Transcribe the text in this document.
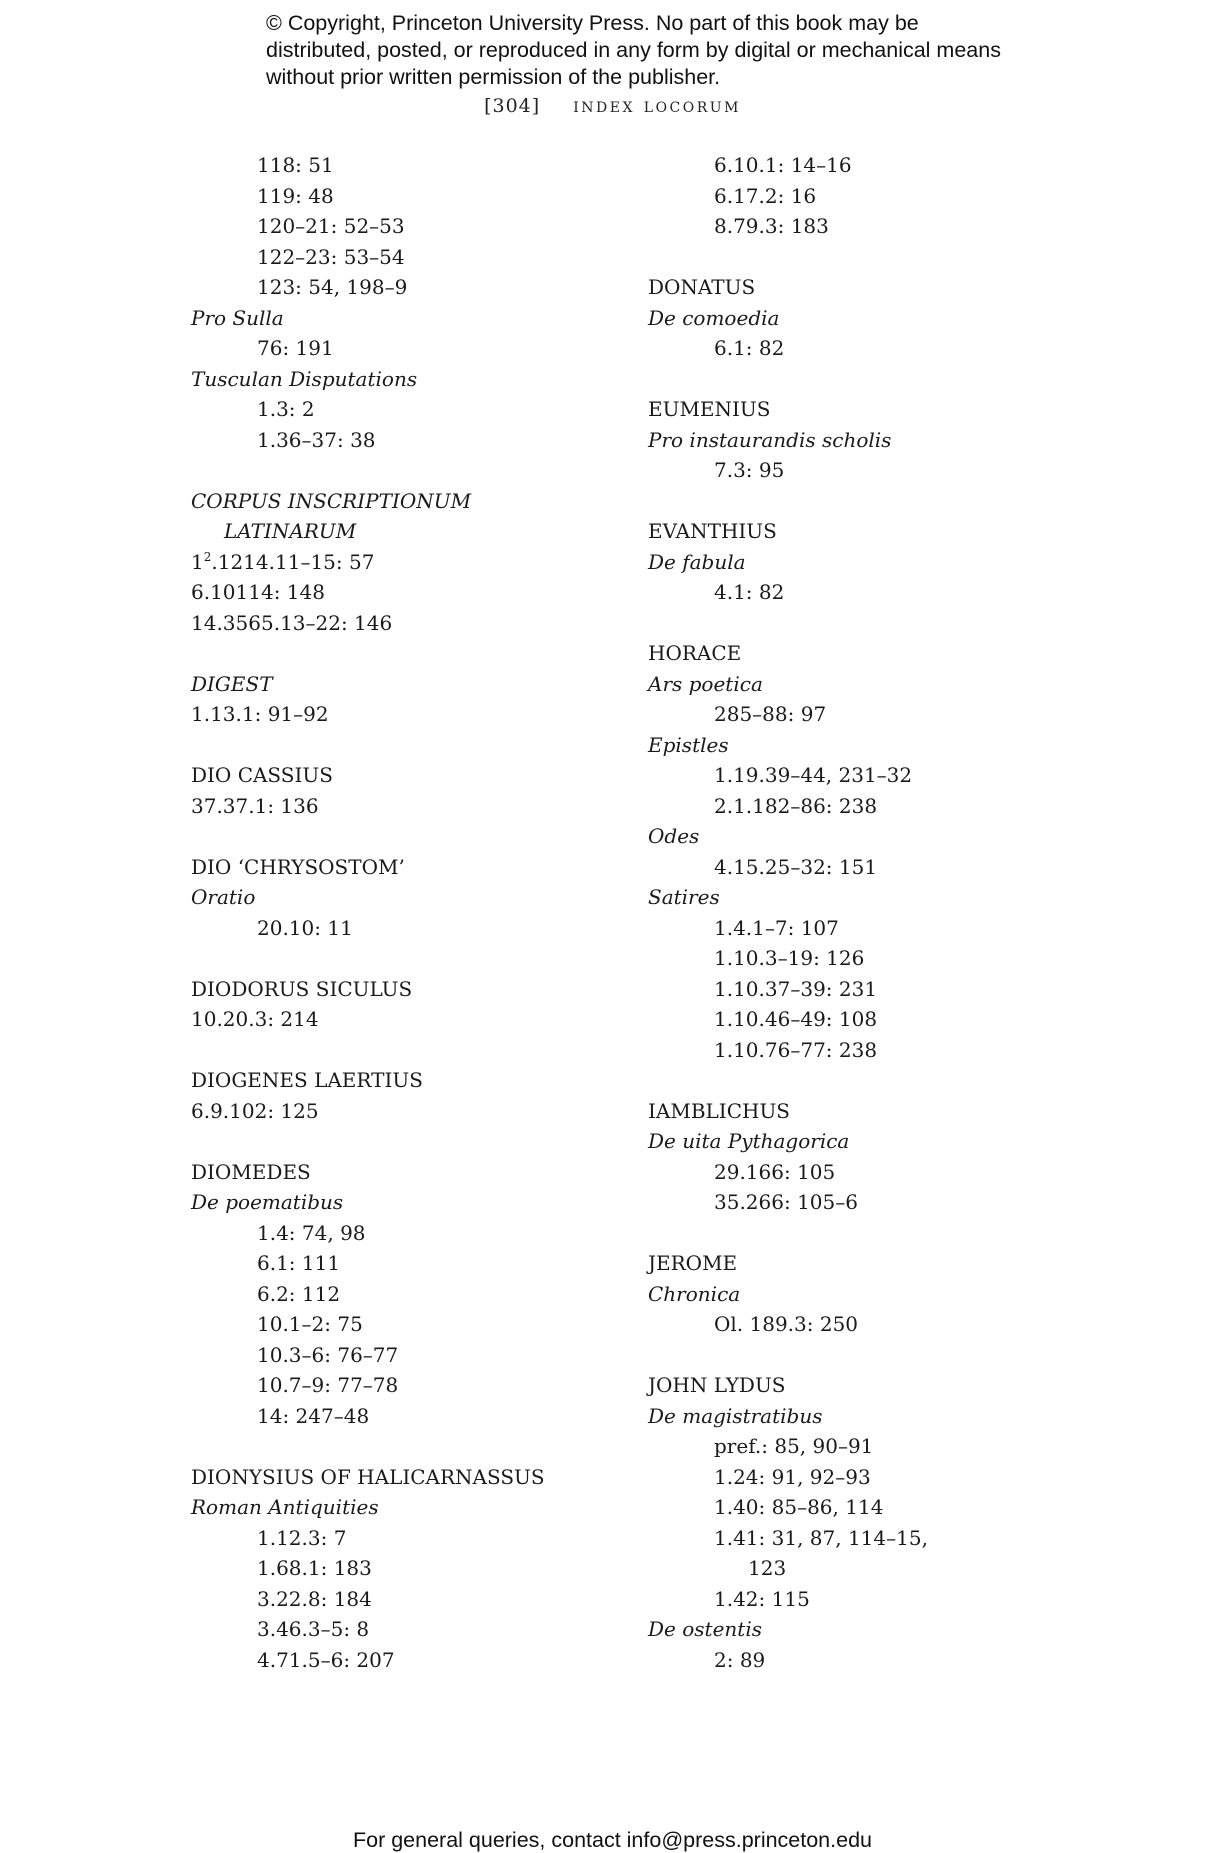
© Copyright, Princeton University Press. No part of this book may be distributed, posted, or reproduced in any form by digital or mechanical means without prior written permission of the publisher.
[304] index locorum
118: 51
119: 48
120–21: 52–53
122–23: 53–54
123: 54, 198–9
Pro Sulla
76: 191
Tusculan Disputations
1.3: 2
1.36–37: 38
CORPUS INSCRIPTIONUM
LATINARUM
$1^2.1214.11-15$: 57
6.10114: 148
14.3565.13–22: 146
DIGEST
1.13.1: 91–92
DIO CASSIUS
37.37.1: 136
DIO ‘CHRYSOSTOM’
Oratio
20.10: 11
DIODORUS SICULUS
10.20.3: 214
DIOGENES LAERTIUS
6.9.102: 125
DIOMEDES
De poematibus
1.4: 74, 98
6.1: 111
6.2: 112
10.1–2: 75
10.3–6: 76–77
10.7–9: 77–78
14: 247–48
DIONYSIUS OF HALICARNASSUS
Roman Antiquities
1.12.3: 7
1.68.1: 183
3.22.8: 184
3.46.3–5: 8
4.71.5–6: 207
6.10.1: 14–16
6.17.2: 16
8.79.3: 183
DONATUS
De comoedia
6.1: 82
EUMENIUS
Pro instaurandis scholis
7.3: 95
EVANTHIUS
De fabula
4.1: 82
HORACE
Ars poetica
285–88: 97
Epistles
1.19.39–44, 231–32
2.1.182–86: 238
Odes
4.15.25–32: 151
Satires
1.4.1–7: 107
1.10.3–19: 126
1.10.37–39: 231
1.10.46–49: 108
1.10.76–77: 238
IAMBLICHUS
De uita Pythagorica
29.166: 105
35.266: 105–6
JEROME
Chronica
Ol. 189.3: 250
JOHN LYDUS
De magistratibus
pref.: 85, 90–91
1.24: 91, 92–93
1.40: 85–86, 114
1.41: 31, 87, 114–15,
123
1.42: 115
De ostentis
2: 89
For general queries, contact info@press.princeton.edu
